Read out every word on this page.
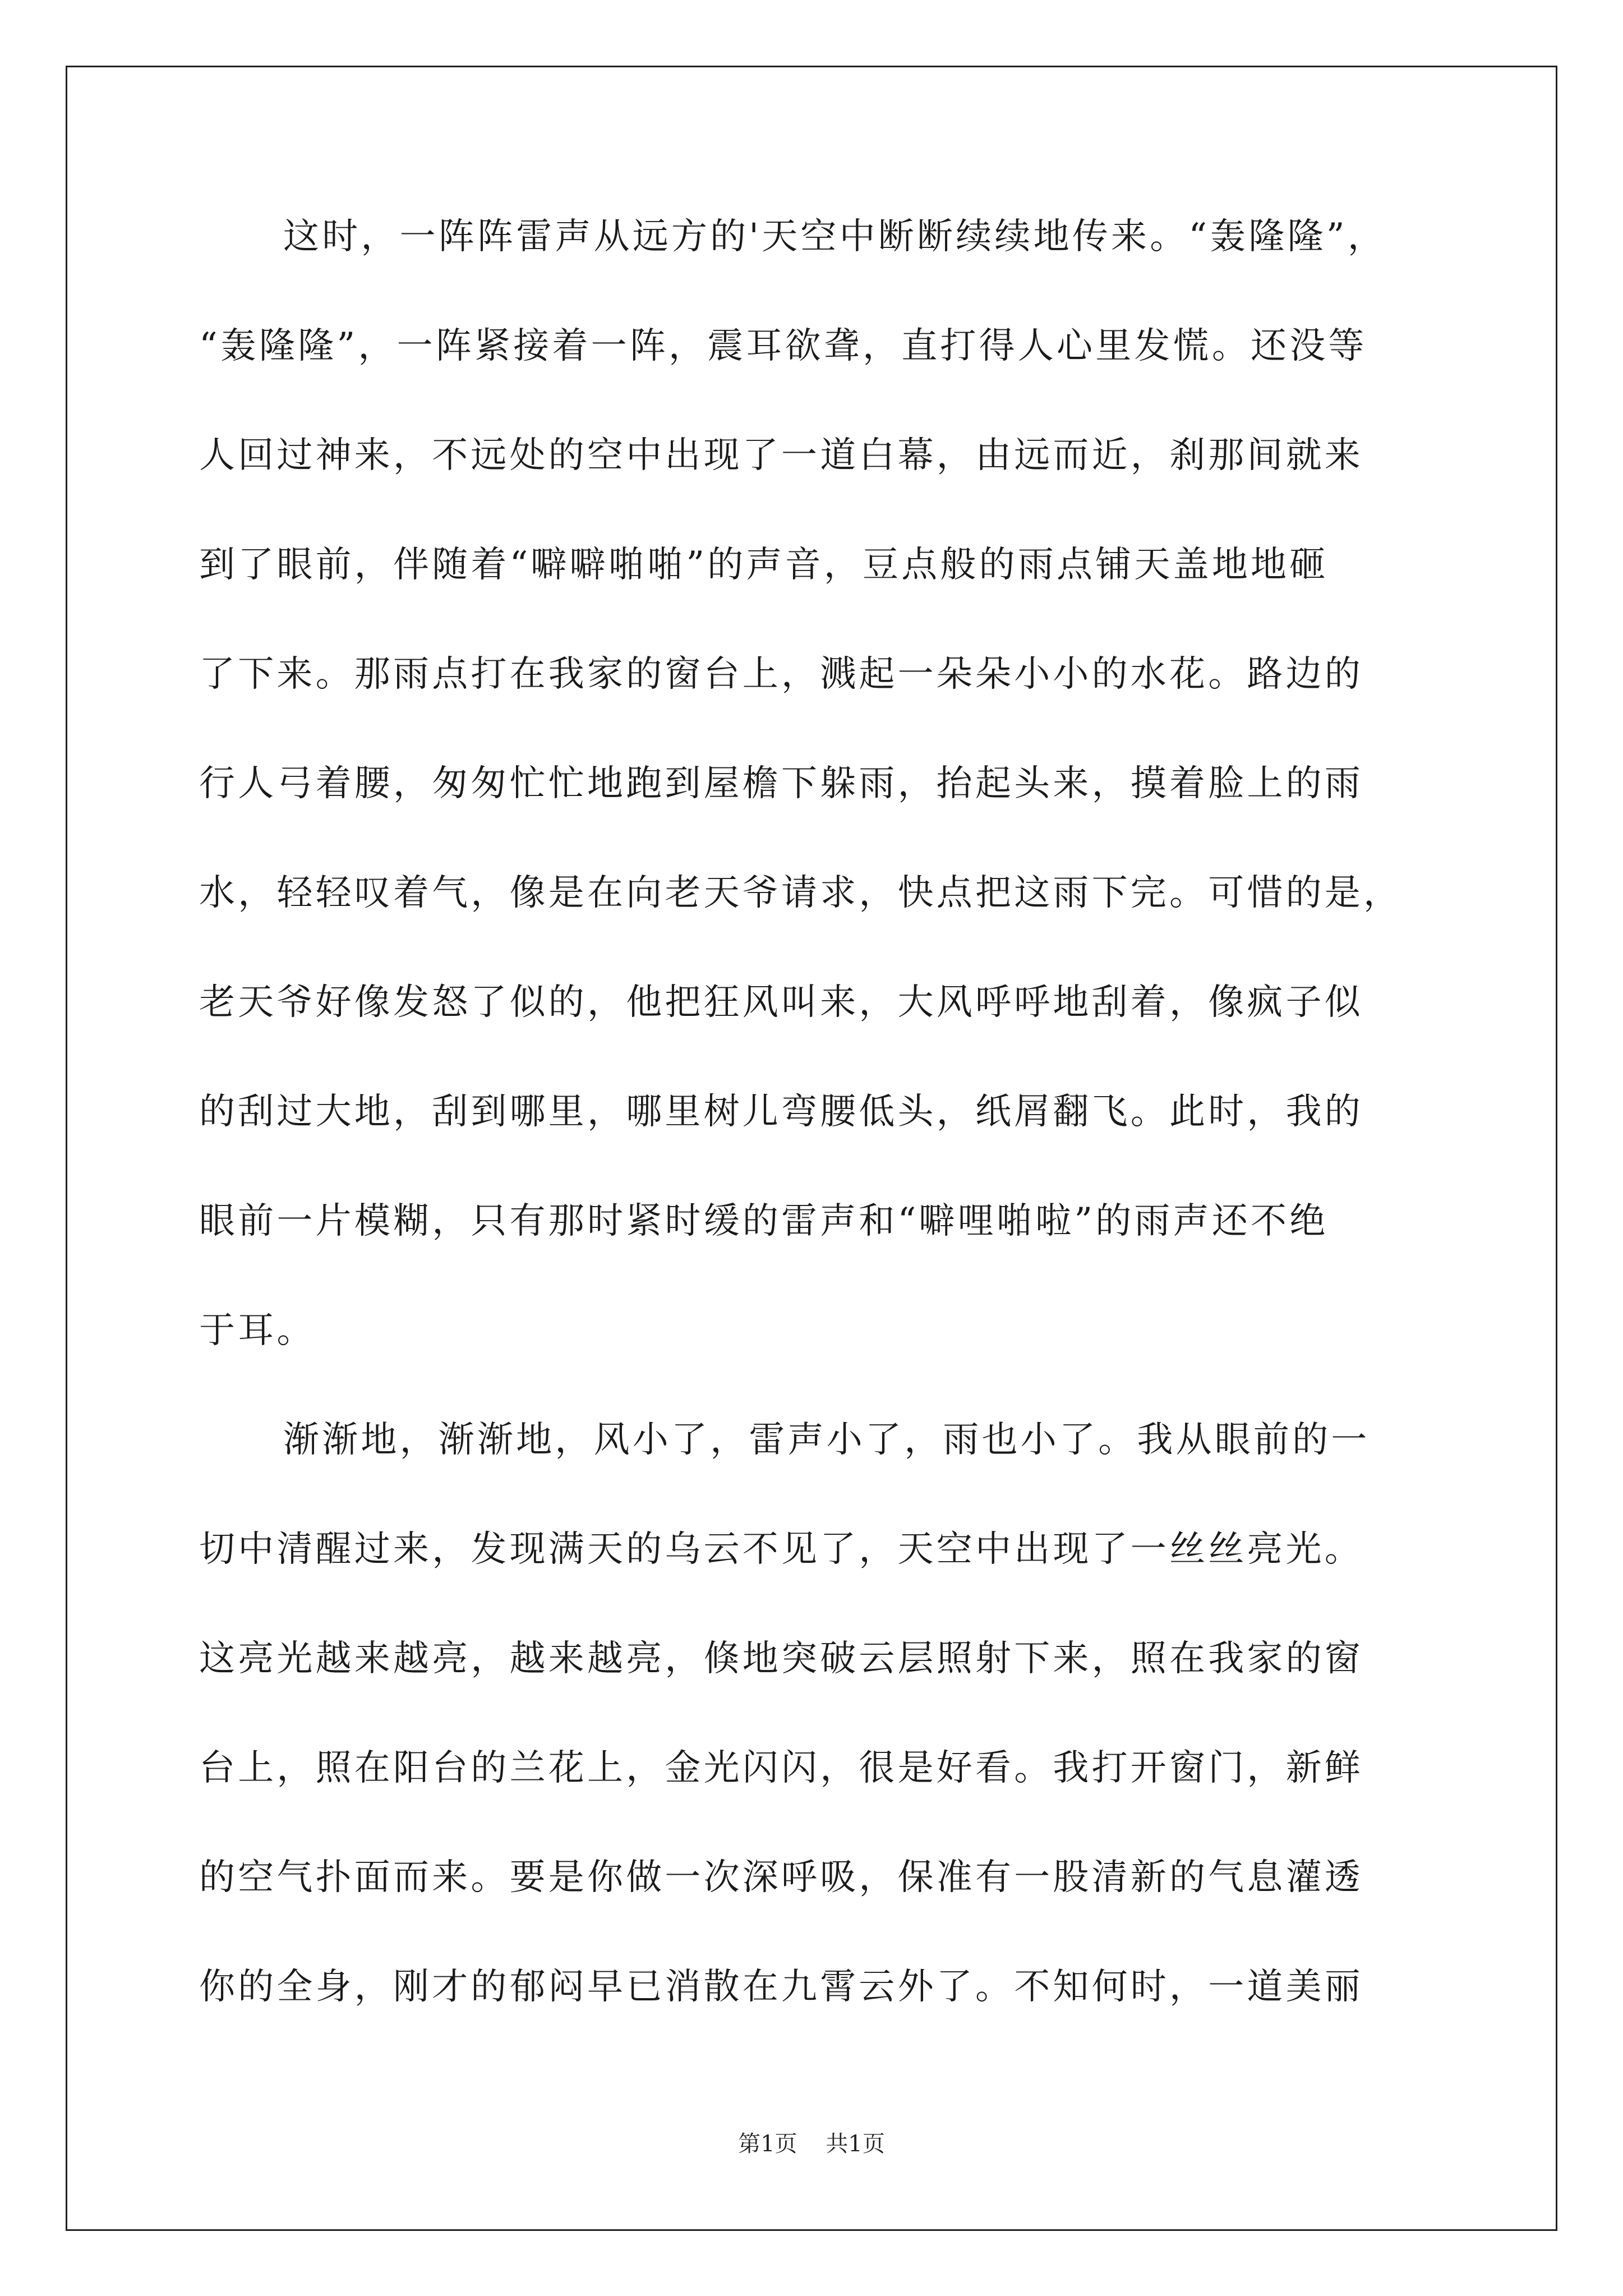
这时，一阵阵雷声从远方的'天空中断断续续地传来。“轰隆隆”，
“轰隆隆”，一阵紧接着一阵，震耳欲聋，直打得人心里发慌。还没等
人回过神来，不远处的空中出现了一道白幕，由远而近，刹那间就来
到了眼前，伴随着“噼噼啪啪”的声音，豆点般的雨点铺天盖地地砸
了下来。那雨点打在我家的窗台上，溅起一朵朵小小的水花。路边的
行人弓着腰，匆匆忙忙地跑到屋檐下躲雨，抬起头来，摸着脸上的雨
水，轻轻叹着气，像是在向老天爷请求，快点把这雨下完。可惜的是，
老天爷好像发怒了似的，他把狂风叫来，大风呼呼地刮着，像疯子似
的刮过大地，刮到哪里，哪里树儿弯腰低头，纸屑翻飞。此时，我的
眼前一片模糊，只有那时紧时缓的雷声和“噼哩啪啦”的雨声还不绝
于耳。
渐渐地，渐渐地，风小了，雷声小了，雨也小了。我从眼前的一
切中清醒过来，发现满天的乌云不见了，天空中出现了一丝丝亮光。
这亮光越来越亮，越来越亮，倏地突破云层照射下来，照在我家的窗
台上，照在阳台的兰花上，金光闪闪，很是好看。我打开窗门，新鲜
的空气扑面而来。要是你做一次深呼吸，保准有一股清新的气息灌透
你的全身，刚才的郁闷早已消散在九霄云外了。不知何时，一道美丽
第1页    共1页
